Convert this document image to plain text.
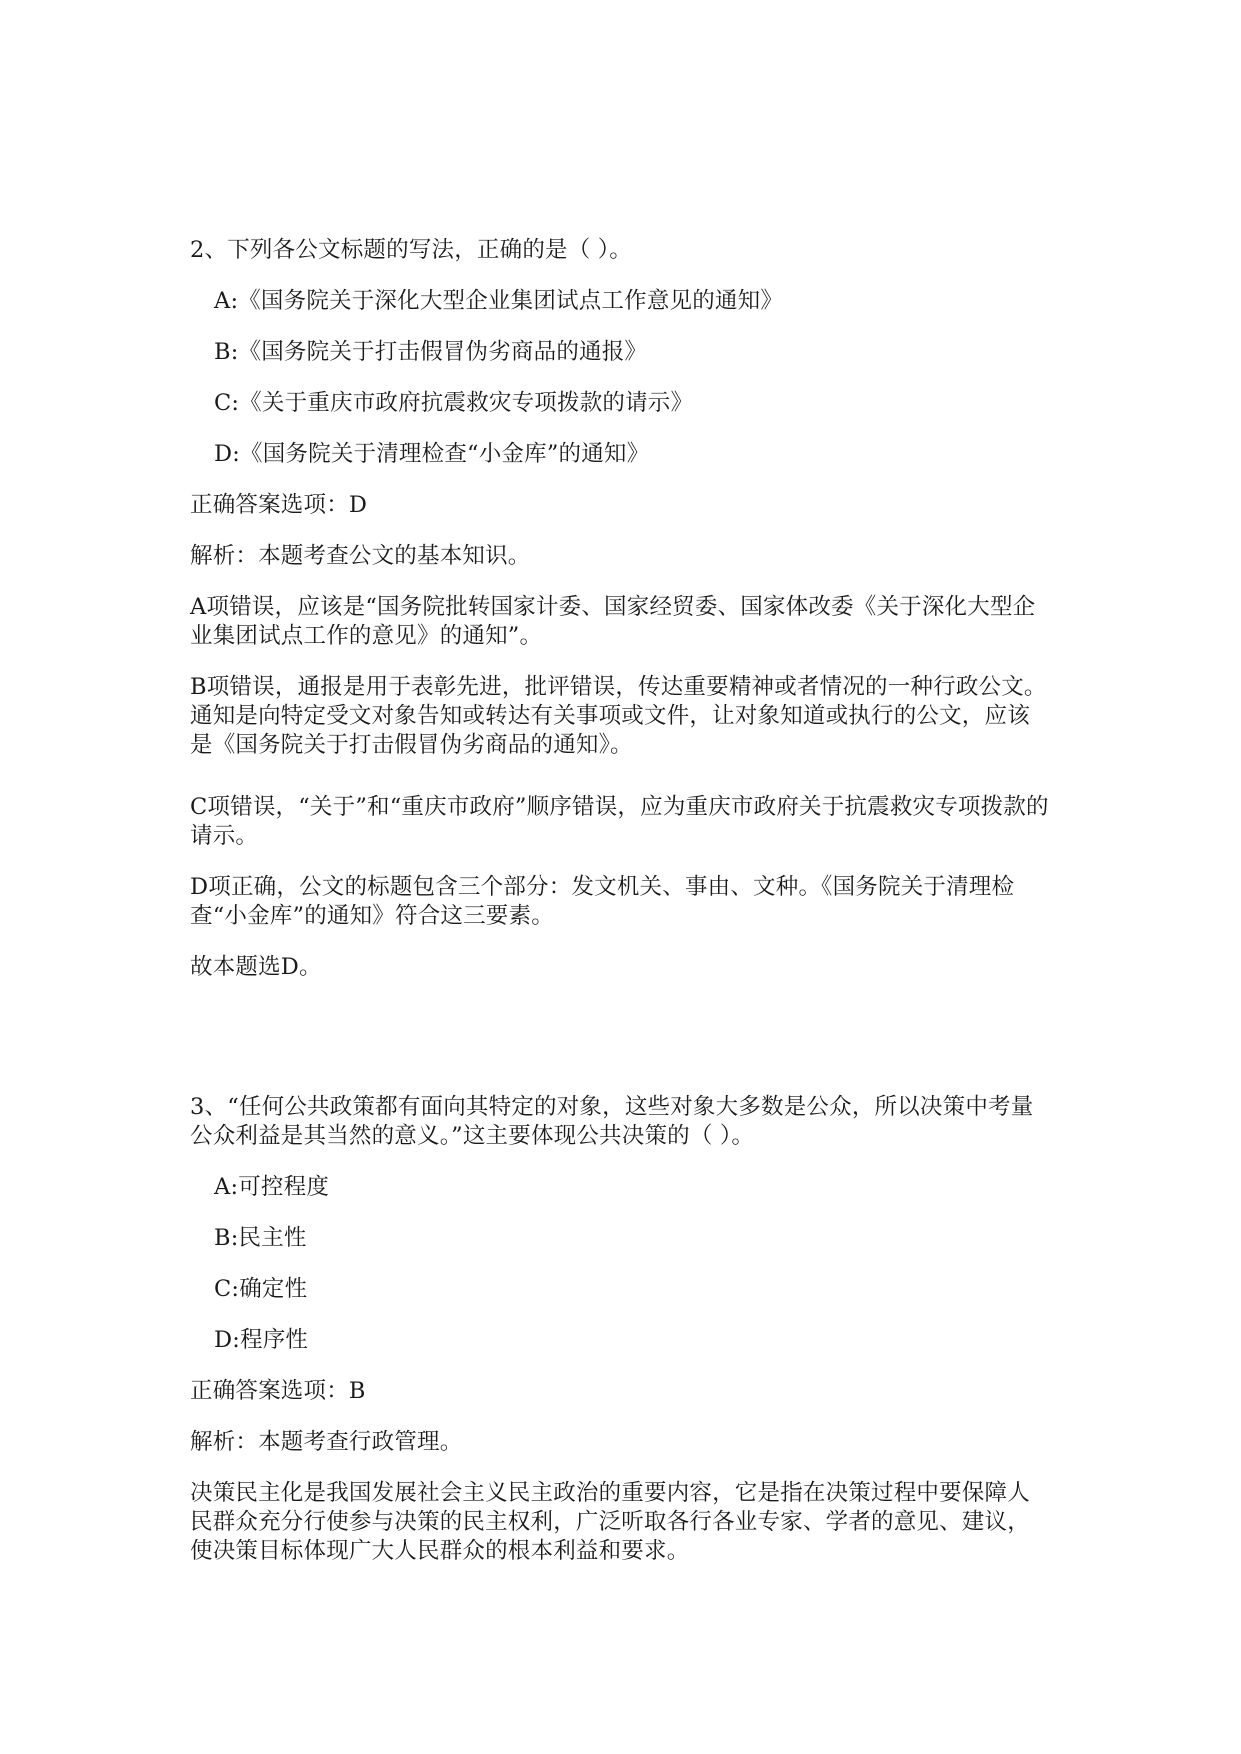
2、下列各公文标题的写法，正确的是（ ）。
A:《国务院关于深化大型企业集团试点工作意见的通知》
B:《国务院关于打击假冒伪劣商品的通报》
C:《关于重庆市政府抗震救灾专项拨款的请示》
D:《国务院关于清理检查“小金库”的通知》
正确答案选项：D
解析：本题考查公文的基本知识。
A项错误，应该是“国务院批转国家计委、国家经贸委、国家体改委《关于深化大型企业集团试点工作的意见》的通知”。
B项错误，通报是用于表彰先进，批评错误，传达重要精神或者情况的一种行政公文。通知是向特定受文对象告知或转达有关事项或文件，让对象知道或执行的公文，应该是《国务院关于打击假冒伪劣商品的通知》。
C项错误，“关于”和“重庆市政府”顺序错误，应为重庆市政府关于抗震救灾专项拨款的请示。
D项正确，公文的标题包含三个部分：发文机关、事由、文种。《国务院关于清理检查“小金库”的通知》符合这三要素。
故本题选D。
3、“任何公共政策都有面向其特定的对象，这些对象大多数是公众，所以决策中考量公众利益是其当然的意义。”这主要体现公共决策的（ ）。
A:可控程度
B:民主性
C:确定性
D:程序性
正确答案选项：B
解析：本题考查行政管理。
决策民主化是我国发展社会主义民主政治的重要内容，它是指在决策过程中要保障人民群众充分行使参与决策的民主权利，广泛听取各行各业专家、学者的意见、建议，使决策目标体现广大人民群众的根本利益和要求。
